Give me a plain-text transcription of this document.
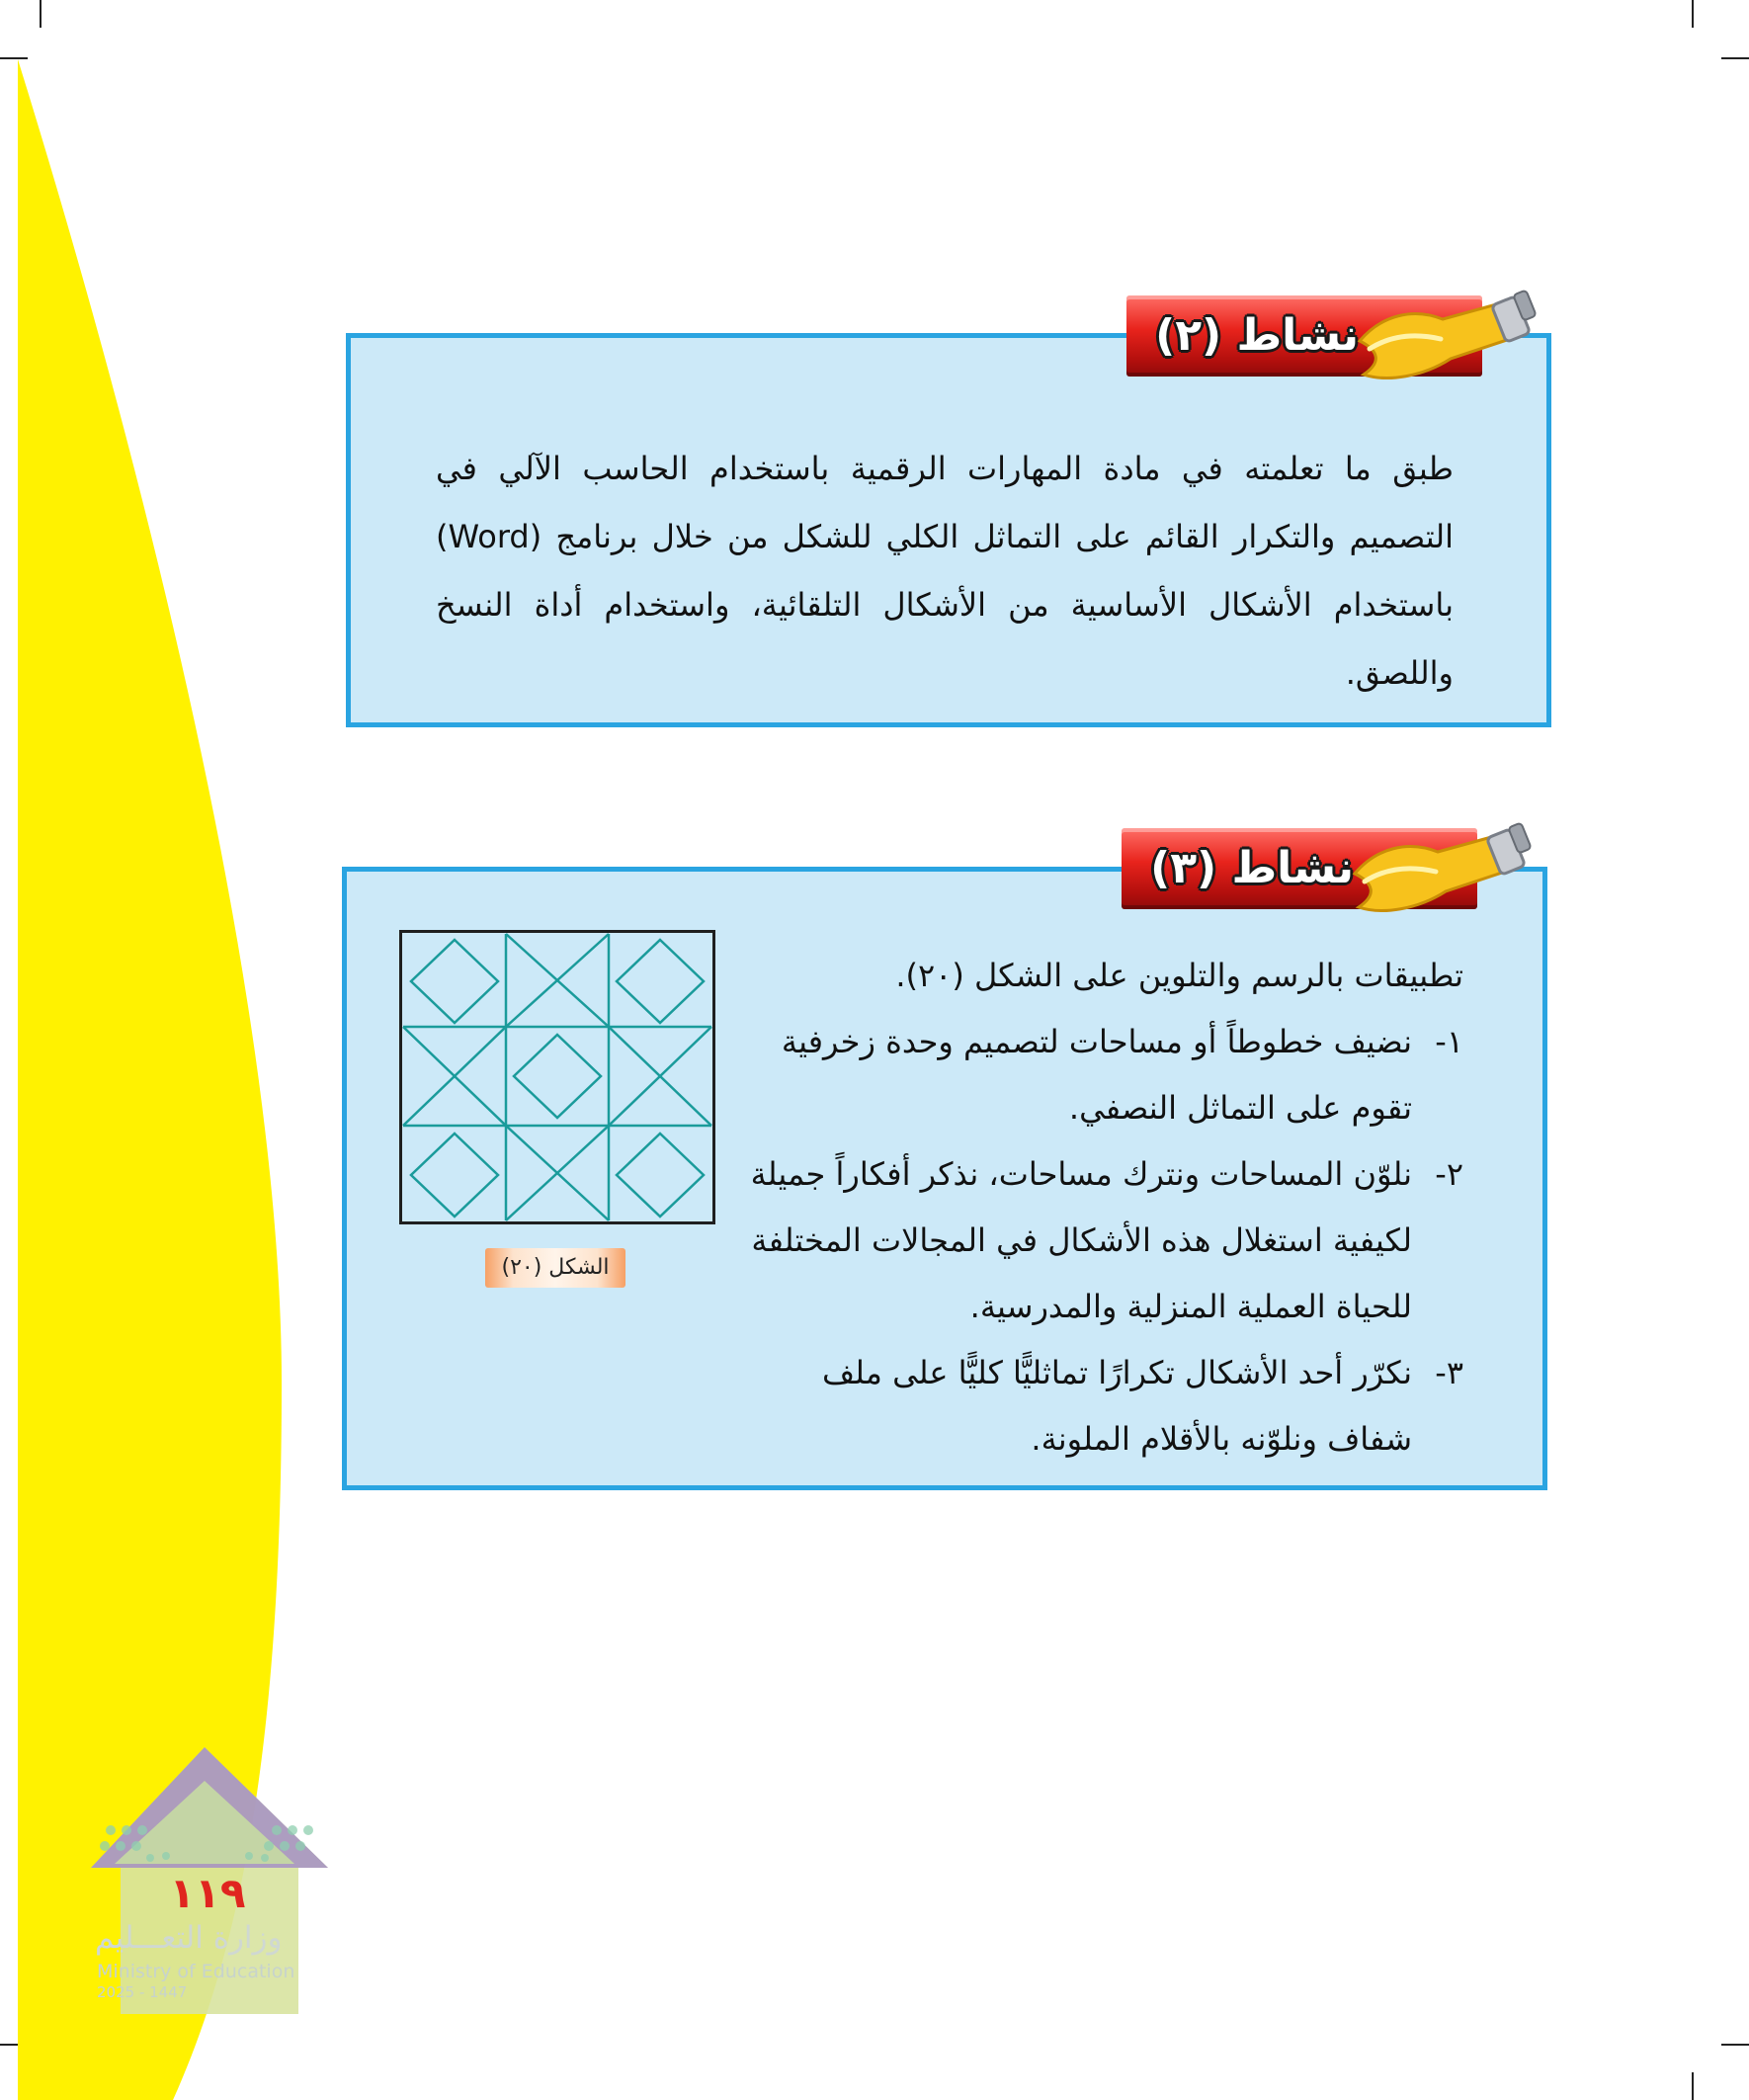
طبق ما تعلمته في مادة المهارات الرقمية باستخدام الحاسب الآلي في التصميم والتكرار القائم على التماثل الكلي للشكل من خلال برنامج (Word) باستخدام الأشكال الأساسية من الأشكال التلقائية، واستخدام أداة النسخ واللصق.

نشاط (٢)

تطبيقات بالرسم والتلوين على الشكل (٢٠).

١-
نضيف خطوطاً أو مساحات لتصميم وحدة زخرفية تقوم على التماثل النصفي.
٢-
نلوّن المساحات ونترك مساحات، نذكر أفكاراً جميلة لكيفية استغلال هذه الأشكال في المجالات المختلفة للحياة العملية المنزلية والمدرسية.
٣-
نكرّر أحد الأشكال تكرارًا تماثليًّا كليًّا على ملف شفاف ونلوّنه بالأقلام الملونة.
الشكل (٢٠)
نشاط (٣)
١١٩
وزارة التعـــليم
Ministry of Education
2025 - 1447
